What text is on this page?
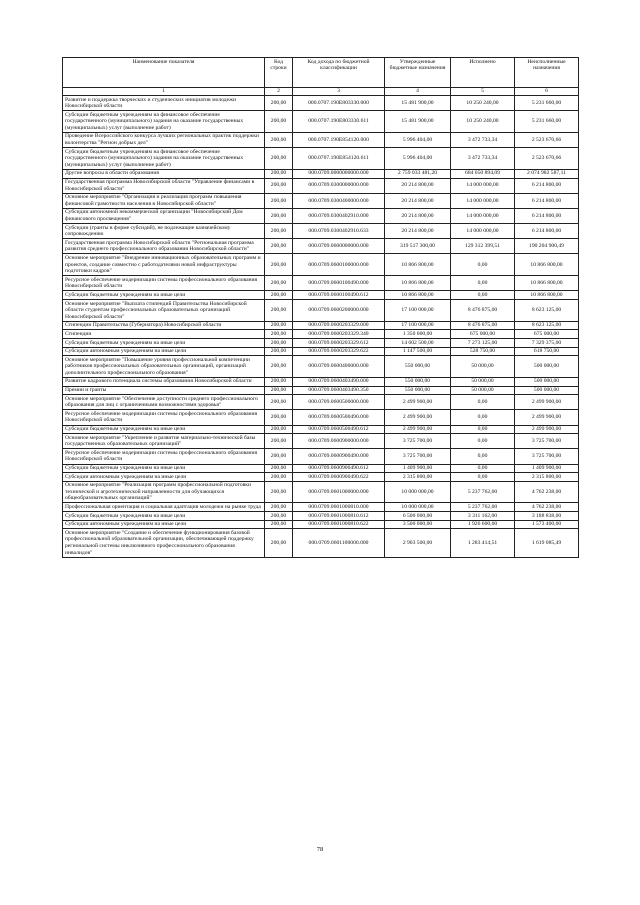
Наименование показателя	Код строки	Код дохода по бюджетной классификации	Утвержденные бюджетные назначения	Исполнено	Неисполненные назначения
1	2	3	4	5	6
Развитие и поддержка творческих и студенческих инициатив молодежи Новосибирской области	200,00	000.0707.190Е803330.000	15 481 900,00	10 250 240,00	5 231 660,00
Субсидии бюджетным учреждениям на финансовое обеспечение государственного (муниципального) задания на оказание государственных (муниципальных) услуг (выполнение работ)	200,00	000.0707.190Е803330.611	15 481 900,00	10 250 240,00	5 231 660,00
Проведение Всероссийского конкурса лучших региональных практик поддержки волонтерства "Регион добрых дел"	200,00	000.0707.190Е854120.000	5 996 404,00	3 472 733,34	2 523 670,66
Субсидии бюджетным учреждениям на финансовое обеспечение государственного (муниципального) задания на оказание государственных (муниципальных) услуг (выполнение работ)	200,00	000.0707.190Е854120.611	5 996 404,00	3 472 733,34	2 523 670,66
Другие вопросы в области образования	200,00	000.0709.0000000000.000	2 759 033 481,20	684 050 894,09	2 074 982 587,11
Государственная программа Новосибирской области "Управление финансами в Новосибирской области"	200,00	000.0709.0300000000.000	20 214 800,00	14 000 000,00	6 214 800,00
Основное мероприятие "Организация и реализация программ повышения финансовой грамотности населения в Новосибирской области"	200,00	000.0709.0300400000.000	20 214 800,00	14 000 000,00	6 214 800,00
Субсидии автономной некоммерческой организации "Новосибирский Дом финансового просвещения"	200,00	000.0709.0300402910.000	20 214 800,00	14 000 000,00	6 214 800,00
Субсидии (гранты в форме субсидий), не подлежащие казначейскому сопровождению	200,00	000.0709.0300402910.633	20 214 800,00	14 000 000,00	6 214 800,00
Государственная программа Новосибирской области "Региональная программа развития среднего профессионального образования Новосибирской области"	200,00	000.0709.0600000000.000	319 517 300,00	129 312 399,51	190 204 900,49
Основное мероприятие "Внедрение инновационных образовательных программ и проектов, создание совместно с работодателями новой инфраструктуры подготовки кадров"	200,00	000.0709.0600100000.000	10 866 800,00	0,00	10 866 800,00
Ресурсное обеспечение модернизации системы профессионального образования Новосибирской области	200,00	000.0709.0600100490.000	10 866 800,00	0,00	10 866 800,00
Субсидии бюджетным учреждениям на иные цели	200,00	000.0709.0600100490.612	10 866 800,00	0,00	10 866 800,00
Основное мероприятие "Выплата стипендий Правительства Новосибирской области студентам профессиональных образовательных организаций Новосибирской области"	200,00	000.0709.0600200000.000	17 100 000,00	8 476 875,00	8 623 125,00
Стипендии Правительства (Губернатора) Новосибирской области	200,00	000.0709.0600203329.000	17 100 000,00	8 476 875,00	8 623 125,00
Стипендии	200,00	000.0709.0600203329.340	1 350 000,00	675 000,00	675 000,00
Субсидии бюджетным учреждениям на иные цели	200,00	000.0709.0600203329.612	14 602 500,00	7 273 125,00	7 329 375,00
Субсидии автономным учреждениям на иные цели	200,00	000.0709.0600203329.622	1 147 500,00	528 750,00	618 750,00
Основное мероприятие "Повышение уровня профессиональной компетенции работников профессиональных образовательных организаций, организаций дополнительного профессионального образования"	200,00	000.0709.0600400000.000	550 000,00	50 000,00	500 000,00
Развитие кадрового потенциала системы образования Новосибирской области	200,00	000.0709.0600403490.000	550 000,00	50 000,00	500 000,00
Премии и гранты	200,00	000.0709.0600403490.350	550 000,00	50 000,00	500 000,00
Основное мероприятие "Обеспечение доступности среднего профессионального образования для лиц с ограниченными возможностями здоровья"	200,00	000.0709.0600500000.000	2 499 900,00	0,00	2 499 900,00
Ресурсное обеспечение модернизации системы профессионального образования Новосибирской области	200,00	000.0709.0600500490.000	2 499 900,00	0,00	2 499 900,00
Субсидии бюджетным учреждениям на иные цели	200,00	000.0709.0600500490.612	2 499 900,00	0,00	2 499 900,00
Основное мероприятие "Укрепление и развитие материально-технической базы государственных образовательных организаций"	200,00	000.0709.0600900000.000	3 725 700,00	0,00	3 725 700,00
Ресурсное обеспечение модернизации системы профессионального образования Новосибирской области	200,00	000.0709.0600900490.000	3 725 700,00	0,00	3 725 700,00
Субсидии бюджетным учреждениям на иные цели	200,00	000.0709.0600900490.612	1 409 900,00	0,00	1 409 900,00
Субсидии автономным учреждениям на иные цели	200,00	000.0709.0600900490.622	2 315 800,00	0,00	2 315 800,00
Основное мероприятие "Реализация программ профессиональной подготовки технической и агротехнической направленности для обучающихся общеобразовательных организаций"	200,00	000.0709.0601000000.000	10 000 000,00	5 237 762,00	4 762 238,00
Профессиональная ориентация и социальная адаптация молодежи на рынке труда	200,00	000.0709.0601000810.000	10 000 000,00	5 237 762,00	4 762 238,00
Субсидии бюджетным учреждениям на иные цели	200,00	000.0709.0601000810.612	6 500 000,00	3 311 162,00	3 188 838,00
Субсидии автономным учреждениям на иные цели	200,00	000.0709.0601000810.622	3 500 000,00	1 926 600,00	1 573 400,00
Основное мероприятие "Создание и обеспечение функционирования базовой профессиональной образовательной организации, обеспечивающей поддержку региональной системы инклюзивного профессионального образования инвалидов"	200,00	000.0709.0601100000.000	2 903 500,00	1 283 414,51	1 619 085,49
78
